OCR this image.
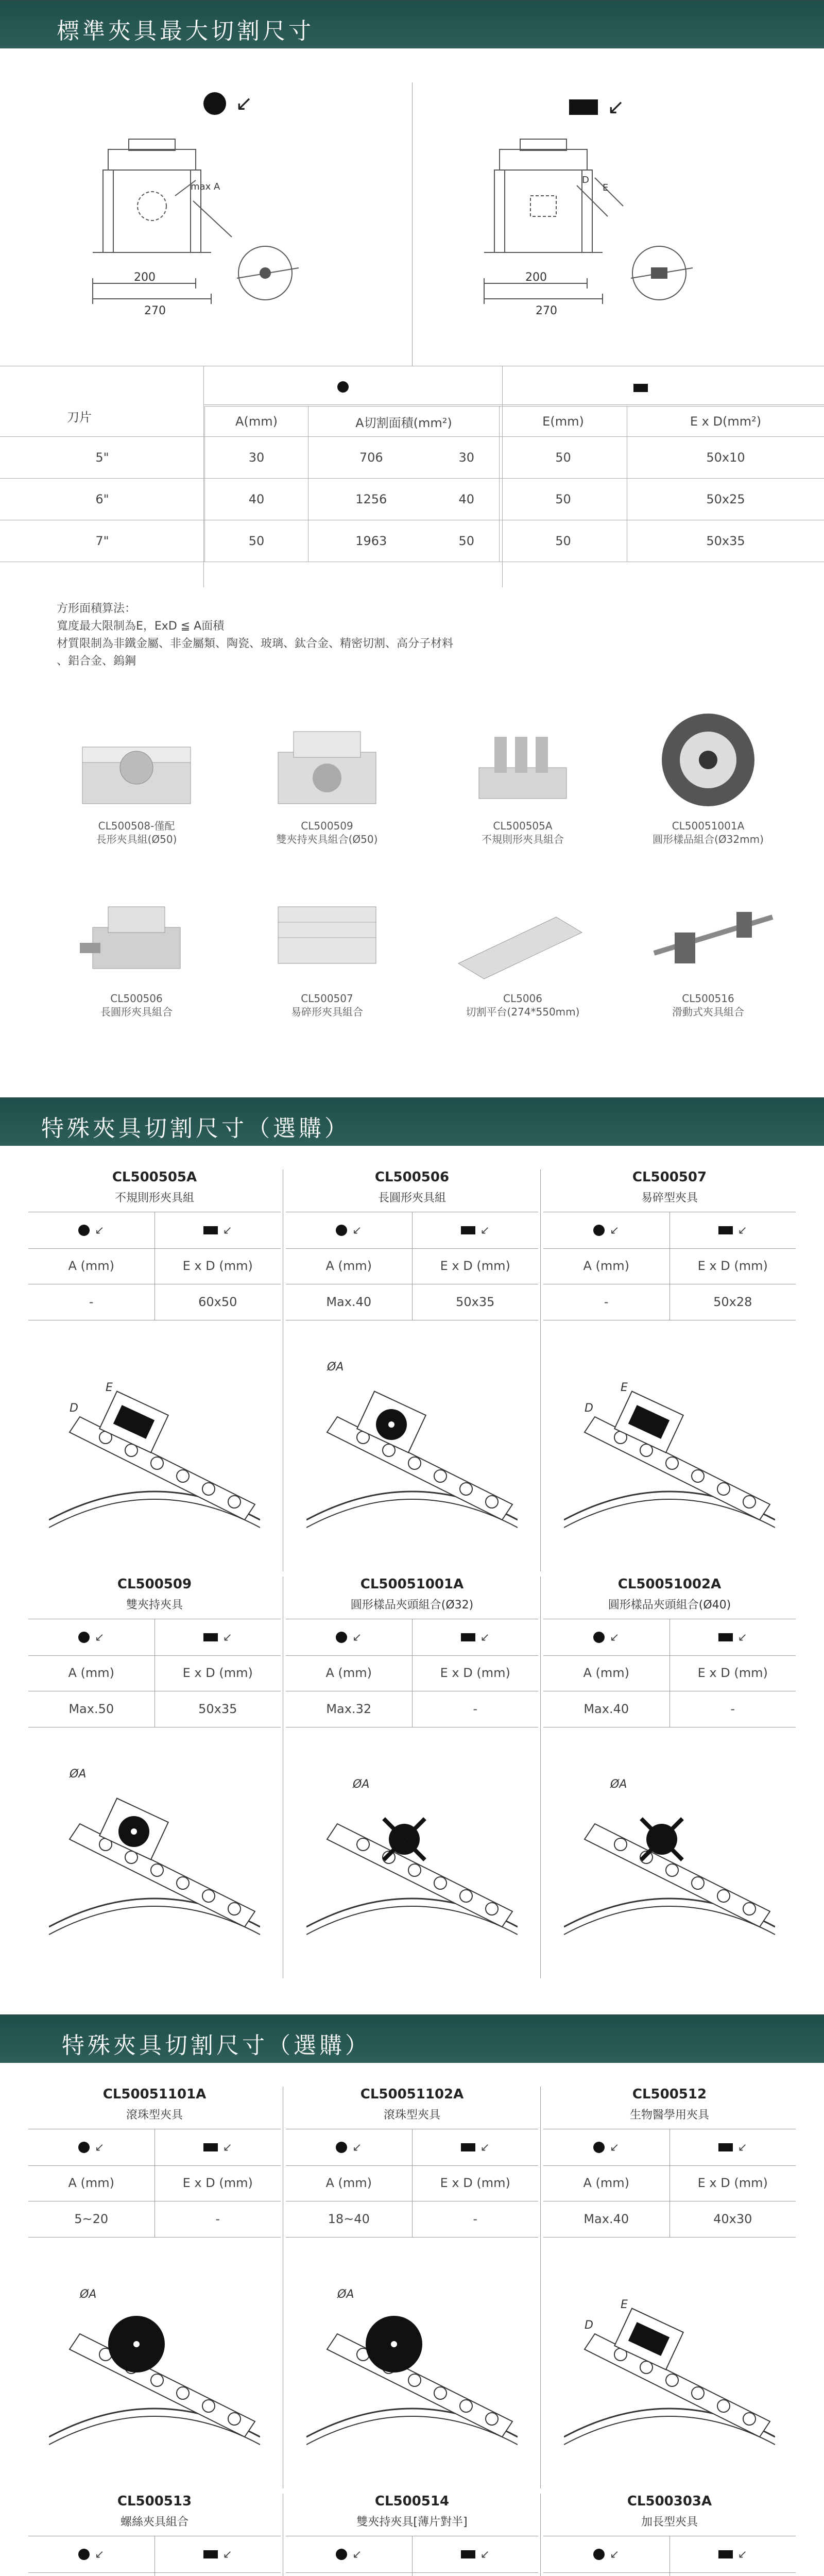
標準夾具最大切割尺寸
↙	↙
max A
200
270
D
E
200
270
刀片
		A(mm)	A切割面積(mm²)		E(mm)	E x D(mm²)
5"	30	706	30	50	50x10
6"	40	1256	40	50	50x25
7"	50	1963	50	50	50x35
方形面積算法：
寬度最大限制為E，ExD ≦ A面積
材質限制為非鐵金屬、非金屬類、陶瓷、玻璃、鈦合金、精密切割、高分子材料
、鋁合金、鎢鋼
CL500508-僅配
長形夾具組(Ø50)
CL500509
雙夾持夾具組合(Ø50)
CL500505A
不規則形夾具組合
CL50051001A
圓形樣品組合(Ø32mm)
CL500506
長圓形夾具組合
CL500507
易碎形夾具組合
CL5006
切割平台(274*550mm)
CL500516
滑動式夾具組合
特殊夾具切割尺寸（選購）
CL500505A
不規則形夾具組
↙	↙
A (mm)	E x D (mm)
-	60x50
D
E
CL500506
長圓形夾具組
↙	↙
A (mm)	E x D (mm)
Max.40	50x35
ØA
CL500507
易碎型夾具
↙	↙
A (mm)	E x D (mm)
-	50x28
D
E
CL500509
雙夾持夾具
↙	↙
A (mm)	E x D (mm)
Max.50	50x35
ØA
CL50051001A
圓形樣品夾頭組合(Ø32)
↙	↙
A (mm)	E x D (mm)
Max.32	-
ØA
CL50051002A
圓形樣品夾頭組合(Ø40)
↙	↙
A (mm)	E x D (mm)
Max.40	-
ØA
特殊夾具切割尺寸（選購）
CL50051101A
滾珠型夾具
↙	↙
A (mm)	E x D (mm)
5~20	-
ØA
CL50051102A
滾珠型夾具
↙	↙
A (mm)	E x D (mm)
18~40	-
ØA
CL500512
生物醫學用夾具
↙	↙
A (mm)	E x D (mm)
Max.40	40x30
D
E
CL500513
螺絲夾具組合
↙	↙
CL500514
雙夾持夾具[薄片對半]
↙	↙
CL500303A
加長型夾具
↙	↙
